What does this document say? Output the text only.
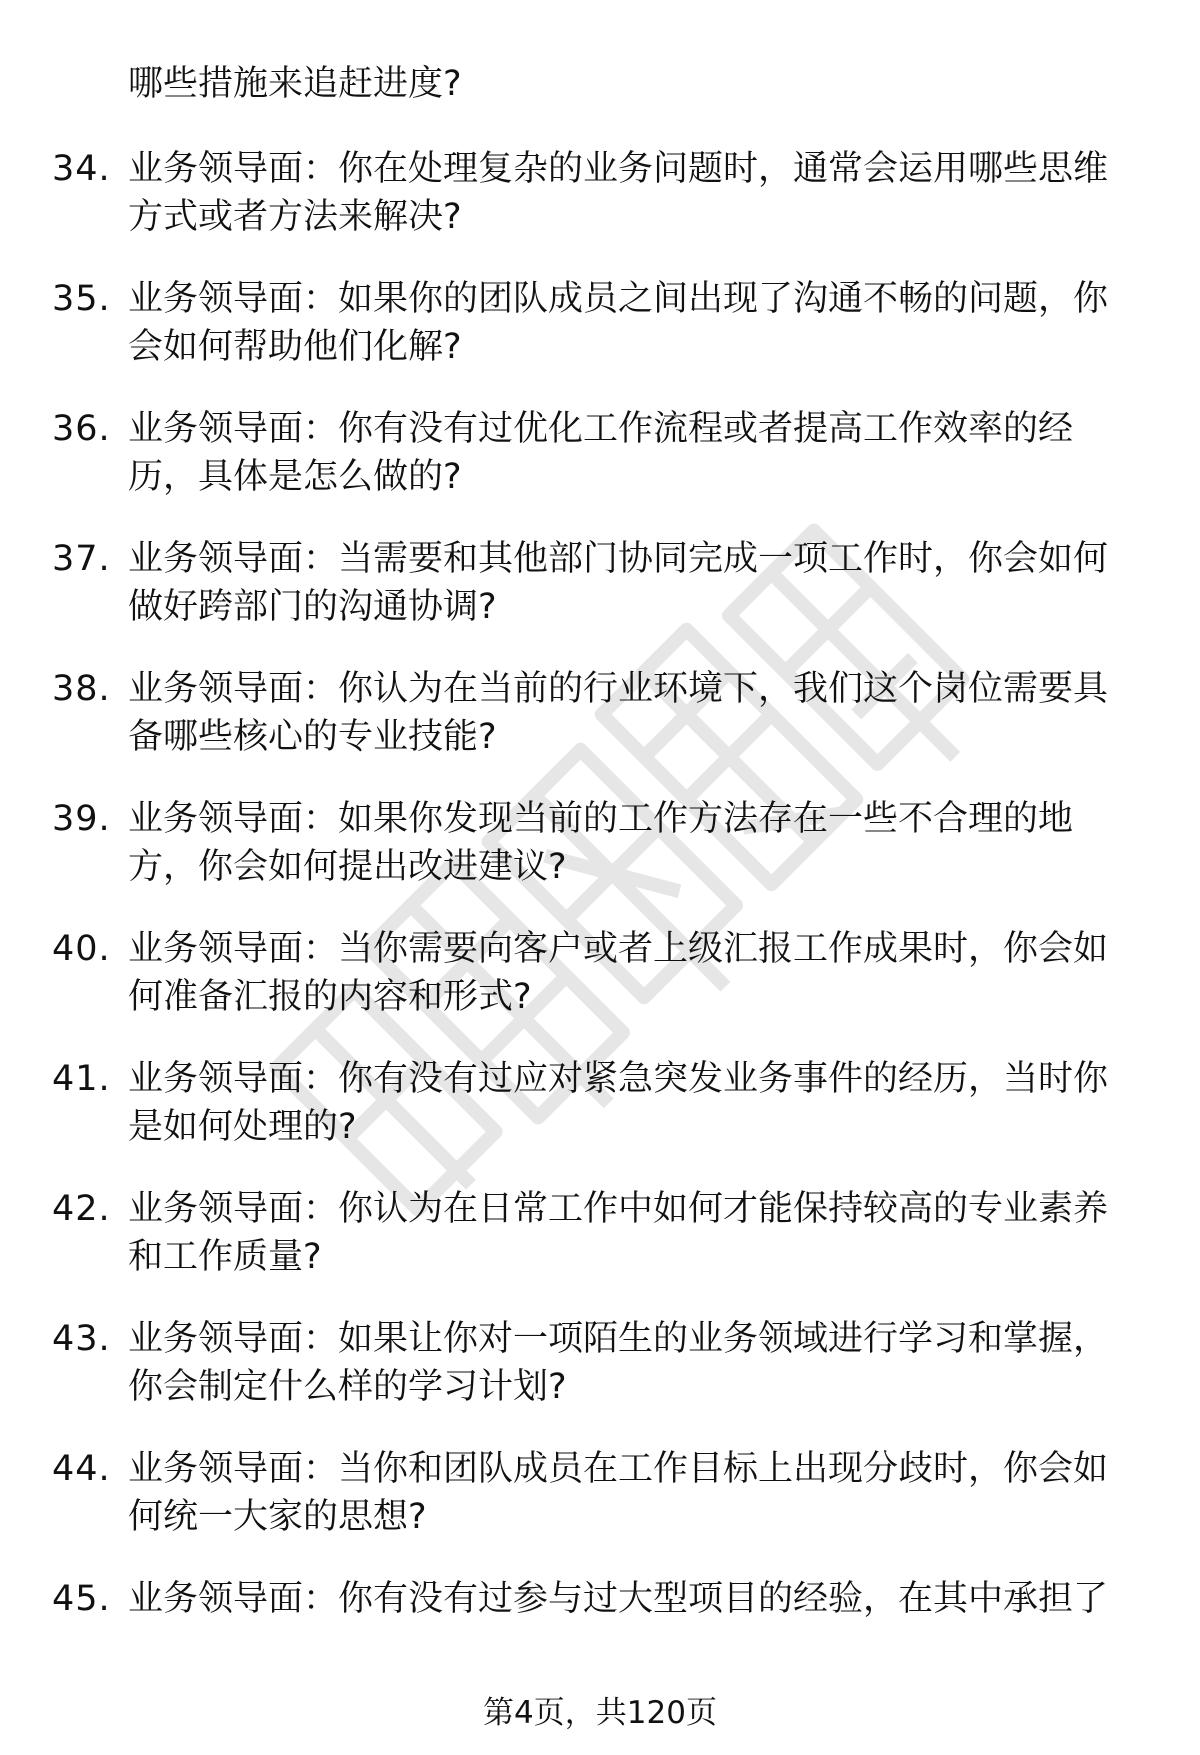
哪些措施来追赶进度?
34. 业务领导面：你在处理复杂的业务问题时，通常会运用哪些思维方式或者方法来解决?
35. 业务领导面：如果你的团队成员之间出现了沟通不畅的问题，你会如何帮助他们化解?
36. 业务领导面：你有没有过优化工作流程或者提高工作效率的经历，具体是怎么做的?
37. 业务领导面：当需要和其他部门协同完成一项工作时，你会如何做好跨部门的沟通协调?
38. 业务领导面：你认为在当前的行业环境下，我们这个岗位需要具备哪些核心的专业技能?
39. 业务领导面：如果你发现当前的工作方法存在一些不合理的地方，你会如何提出改进建议?
40. 业务领导面：当你需要向客户或者上级汇报工作成果时，你会如何准备汇报的内容和形式?
41. 业务领导面：你有没有过应对紧急突发业务事件的经历，当时你是如何处理的?
42. 业务领导面：你认为在日常工作中如何才能保持较高的专业素养和工作质量?
43. 业务领导面：如果让你对一项陌生的业务领域进行学习和掌握，你会制定什么样的学习计划?
44. 业务领导面：当你和团队成员在工作目标上出现分歧时，你会如何统一大家的思想?
45. 业务领导面：你有没有过参与过大型项目的经验，在其中承担了
第4页，共120页
